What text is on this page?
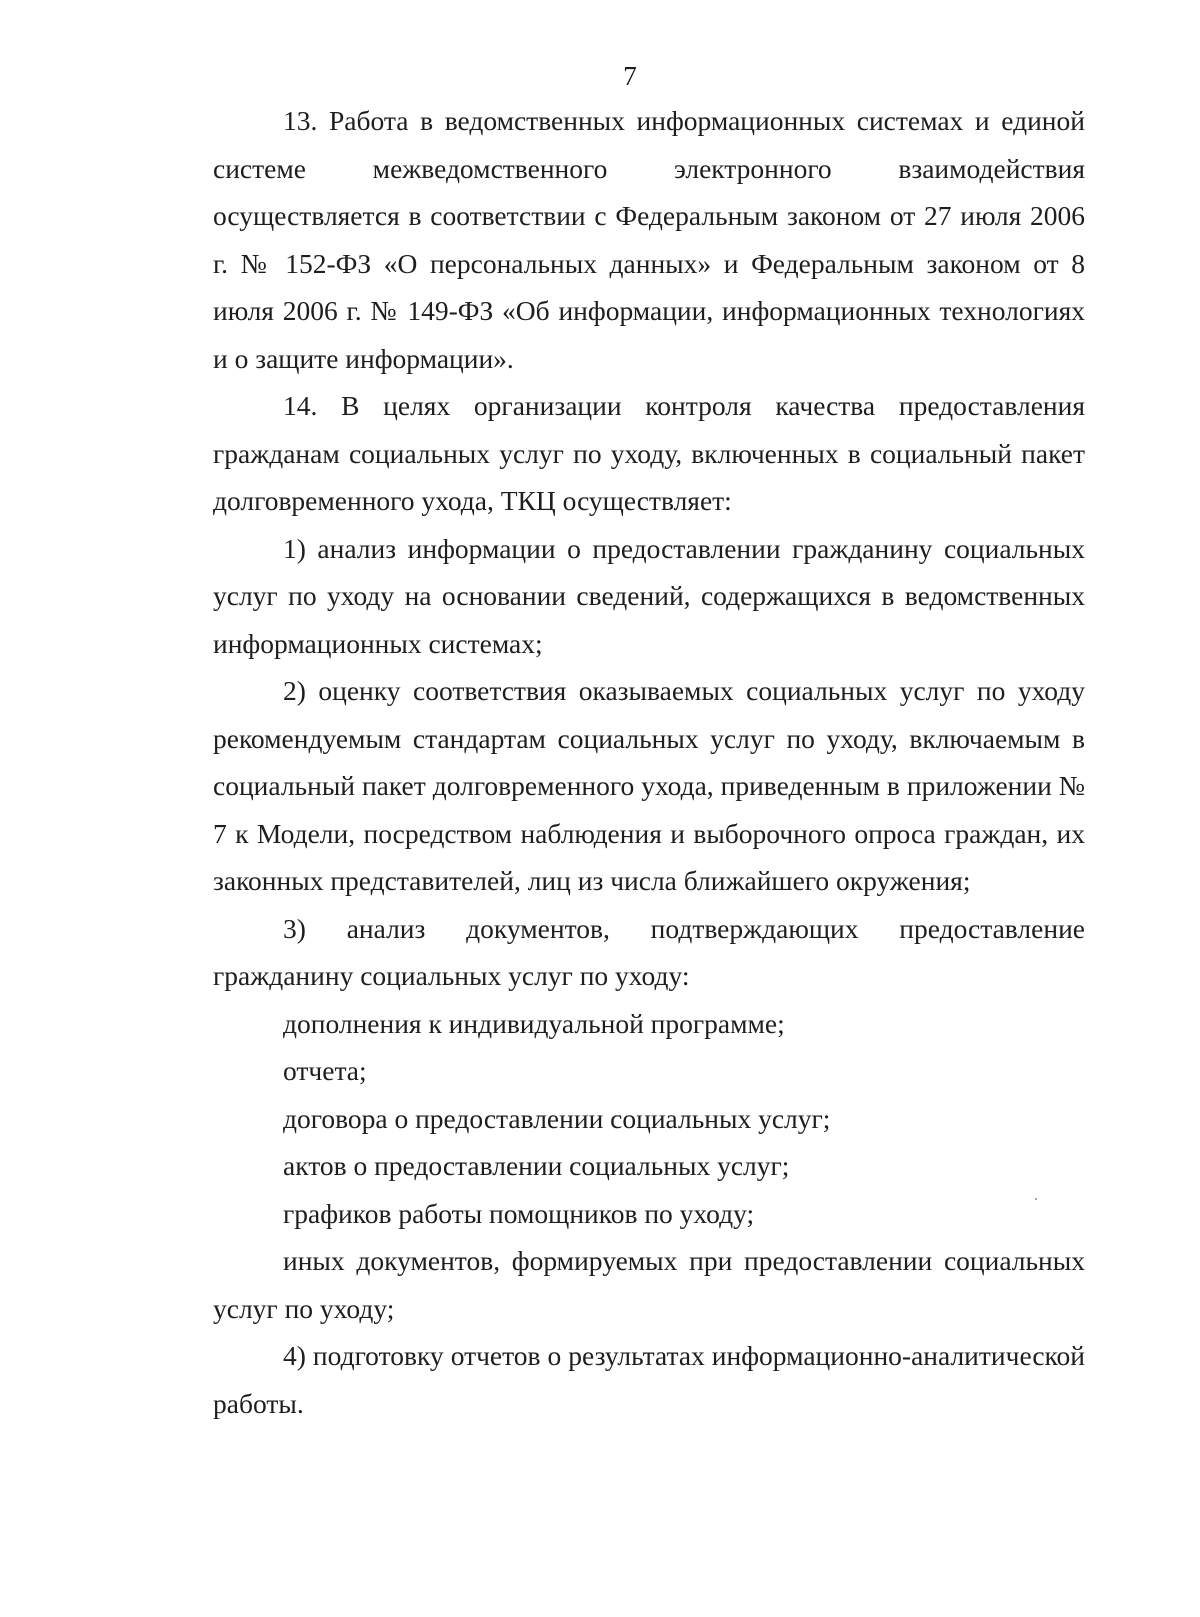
7

13. Работа в ведомственных информационных системах и единой системе межведомственного электронного взаимодействия осуществляется в соответствии с Федеральным законом от 27 июля 2006 г. № 152-ФЗ «О персональных данных» и Федеральным законом от 8 июля 2006 г. № 149-ФЗ «Об информации, информационных технологиях и о защите информации».

14. В целях организации контроля качества предоставления гражданам социальных услуг по уходу, включенных в социальный пакет долговременного ухода, ТКЦ осуществляет:

1) анализ информации о предоставлении гражданину социальных услуг по уходу на основании сведений, содержащихся в ведомственных информационных системах;

2) оценку соответствия оказываемых социальных услуг по уходу рекомендуемым стандартам социальных услуг по уходу, включаемым в социальный пакет долговременного ухода, приведенным в приложении № 7 к Модели, посредством наблюдения и выборочного опроса граждан, их законных представителей, лиц из числа ближайшего окружения;

3) анализ документов, подтверждающих предоставление гражданину социальных услуг по уходу:

дополнения к индивидуальной программе;

отчета;

договора о предоставлении социальных услуг;

актов о предоставлении социальных услуг;

графиков работы помощников по уходу;

иных документов, формируемых при предоставлении социальных услуг по уходу;

4) подготовку отчетов о результатах информационно-аналитической работы.
